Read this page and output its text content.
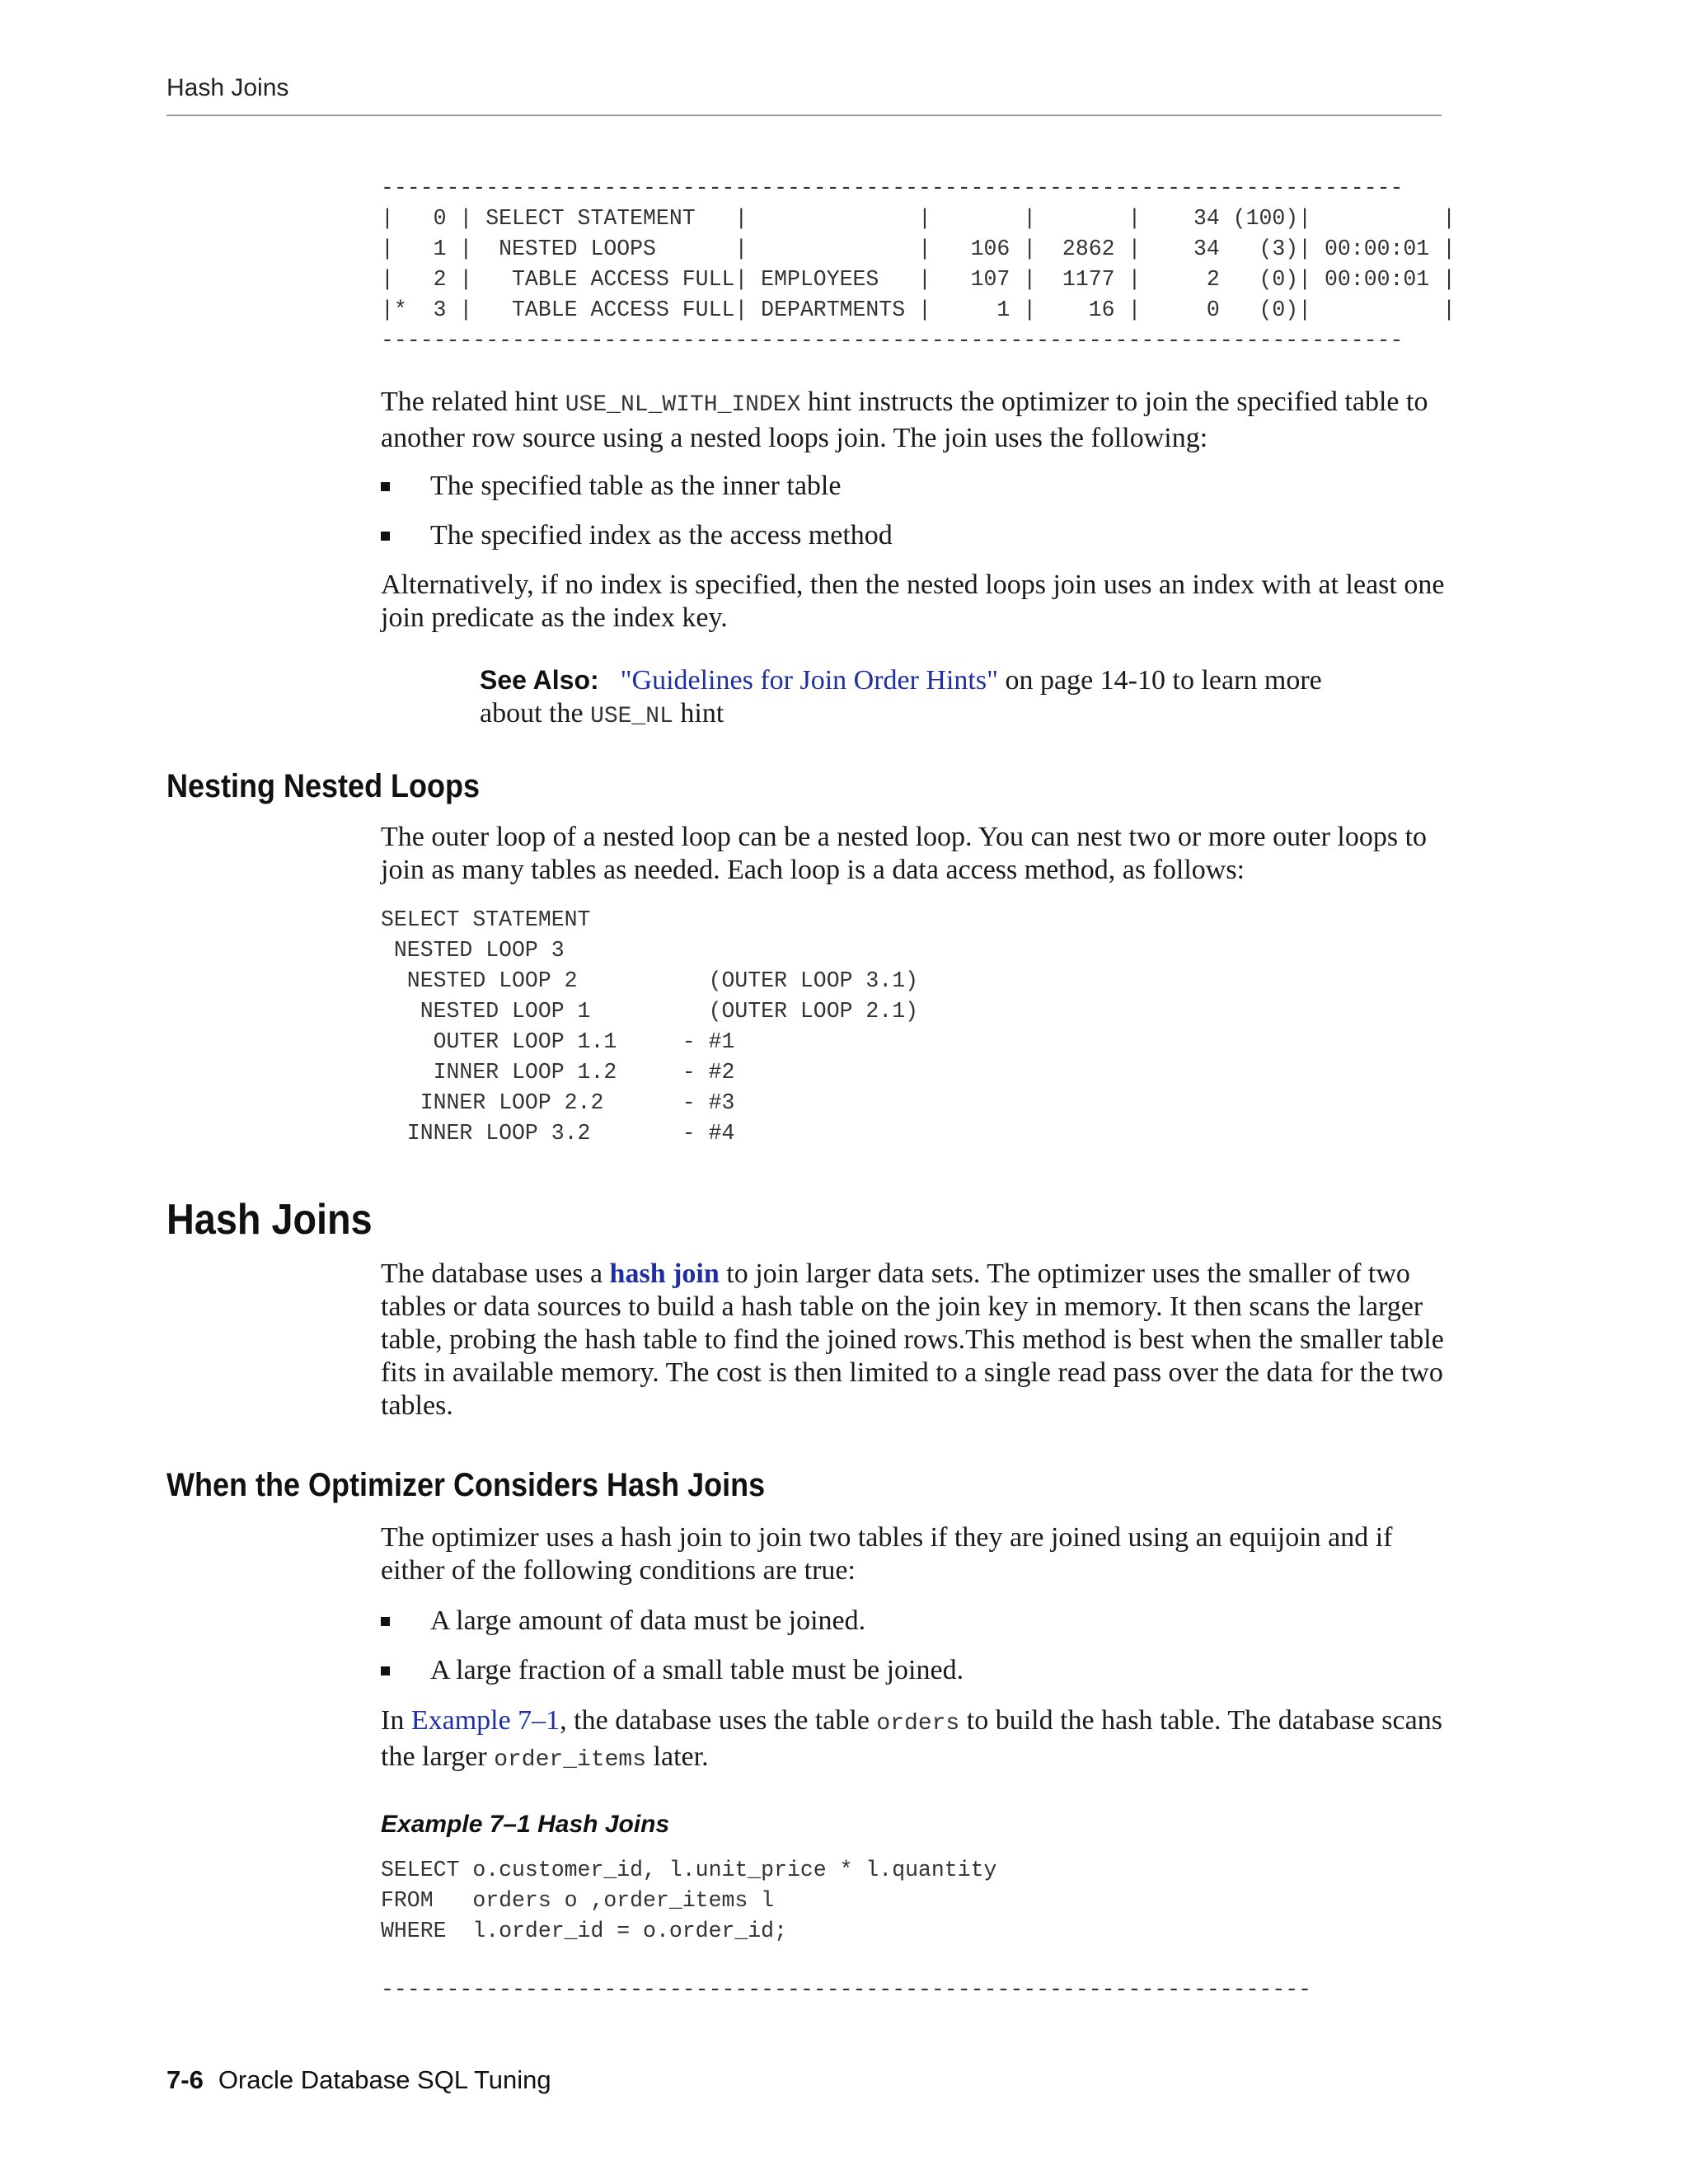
Hash Joins
------------------------------------------------------------------------------
|   0 | SELECT STATEMENT   |             |       |       |    34 (100)|          |
|   1 |  NESTED LOOPS      |             |   106 |  2862 |    34   (3)| 00:00:01 |
|   2 |   TABLE ACCESS FULL| EMPLOYEES   |   107 |  1177 |     2   (0)| 00:00:01 |
|*  3 |   TABLE ACCESS FULL| DEPARTMENTS |     1 |    16 |     0   (0)|          |
------------------------------------------------------------------------------

The related hint USE_NL_WITH_INDEX hint instructs the optimizer to join the specified table to another row source using a nested loops join. The join uses the following:

The specified table as the inner table
The specified index as the access method

Alternatively, if no index is specified, then the nested loops join uses an index with at least one join predicate as the index key.

See Also: "Guidelines for Join Order Hints" on page 14-10 to learn more about the USE_NL hint

Nesting Nested Loops

The outer loop of a nested loop can be a nested loop. You can nest two or more outer loops to join as many tables as needed. Each loop is a data access method, as follows:

SELECT STATEMENT
NESTED LOOP 3
NESTED LOOP 2          (OUTER LOOP 3.1)
NESTED LOOP 1         (OUTER LOOP 2.1)
OUTER LOOP 1.1     - #1
INNER LOOP 1.2     - #2
INNER LOOP 2.2      - #3
INNER LOOP 3.2       - #4
Hash Joins

The database uses a hash join to join larger data sets. The optimizer uses the smaller of two tables or data sources to build a hash table on the join key in memory. It then scans the larger table, probing the hash table to find the joined rows.This method is best when the smaller table fits in available memory. The cost is then limited to a single read pass over the data for the two tables.

When the Optimizer Considers Hash Joins

The optimizer uses a hash join to join two tables if they are joined using an equijoin and if either of the following conditions are true:

A large amount of data must be joined.
A large fraction of a small table must be joined.

In Example 7–1, the database uses the table orders to build the hash table. The database scans the larger order_items later.

Example 7–1 Hash Joins
SELECT o.customer_id, l.unit_price * l.quantity
FROM   orders o ,order_items l
WHERE  l.order_id = o.order_id;
-----------------------------------------------------------------------
7-6 Oracle Database SQL Tuning
